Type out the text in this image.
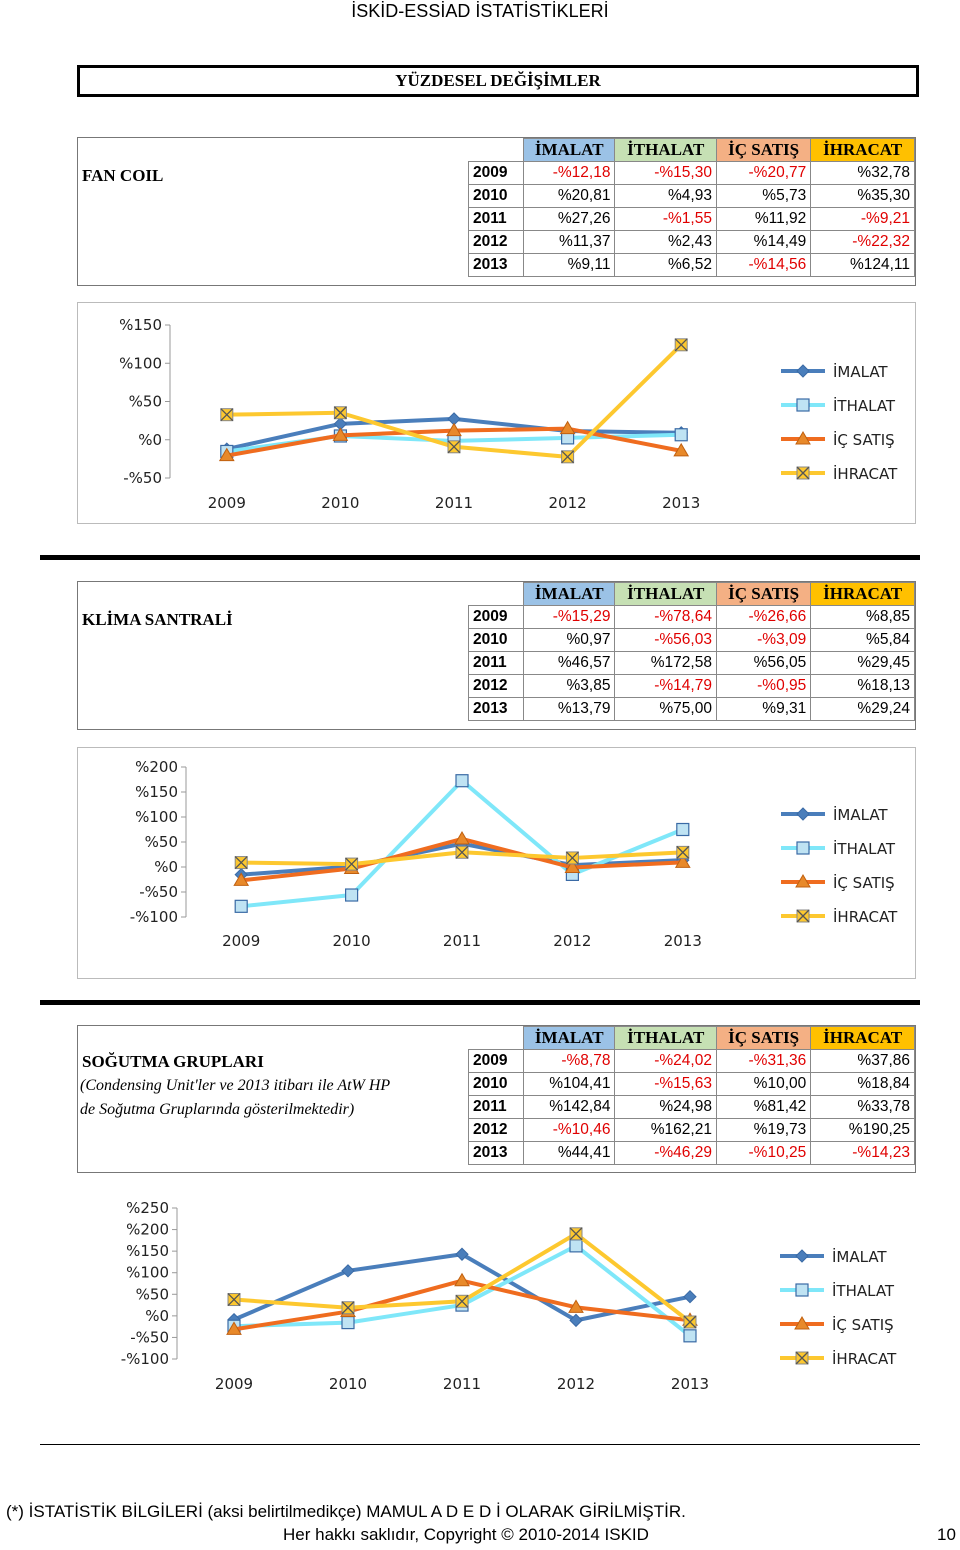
İSKİD-ESSİAD İSTATİSTİKLERİ
YÜZDESEL DEĞİŞİMLER
FAN COIL
	İMALAT	İTHALAT	İÇ SATIŞ	İHRACAT
2009	-%12,18	-%15,30	-%20,77	%32,78
2010	%20,81	%4,93	%5,73	%35,30
2011	%27,26	-%1,55	%11,92	-%9,21
2012	%11,37	%2,43	%14,49	-%22,32
2013	%9,11	%6,52	-%14,56	%124,11
%150
%100
%50
%0
-%50
2009	2010	2011	2012	2013
İMALAT
İTHALAT
İÇ SATIŞ
İHRACAT
KLİMA SANTRALİ
	İMALAT	İTHALAT	İÇ SATIŞ	İHRACAT
2009	-%15,29	-%78,64	-%26,66	%8,85
2010	%0,97	-%56,03	-%3,09	%5,84
2011	%46,57	%172,58	%56,05	%29,45
2012	%3,85	-%14,79	-%0,95	%18,13
2013	%13,79	%75,00	%9,31	%29,24
%200
%150
%100
%50
%0
-%50
-%100
2009	2010	2011	2012	2013
İMALAT
İTHALAT
İÇ SATIŞ
İHRACAT
SOĞUTMA GRUPLARI
(Condensing Unit'ler ve 2013 itibarı ile AtW HP
de Soğutma Gruplarında gösterilmektedir)
	İMALAT	İTHALAT	İÇ SATIŞ	İHRACAT
2009	-%8,78	-%24,02	-%31,36	%37,86
2010	%104,41	-%15,63	%10,00	%18,84
2011	%142,84	%24,98	%81,42	%33,78
2012	-%10,46	%162,21	%19,73	%190,25
2013	%44,41	-%46,29	-%10,25	-%14,23
%250
%200
%150
%100
%50
%0
-%50
-%100
2009	2010	2011	2012	2013
İMALAT
İTHALAT
İÇ SATIŞ
İHRACAT
(*) İSTATİSTİK BİLGİLERİ (aksi belirtilmedikçe) MAMUL A D E D İ OLARAK GİRİLMİŞTİR.
Her hakkı saklıdır, Copyright © 2010-2014 ISKID	10
